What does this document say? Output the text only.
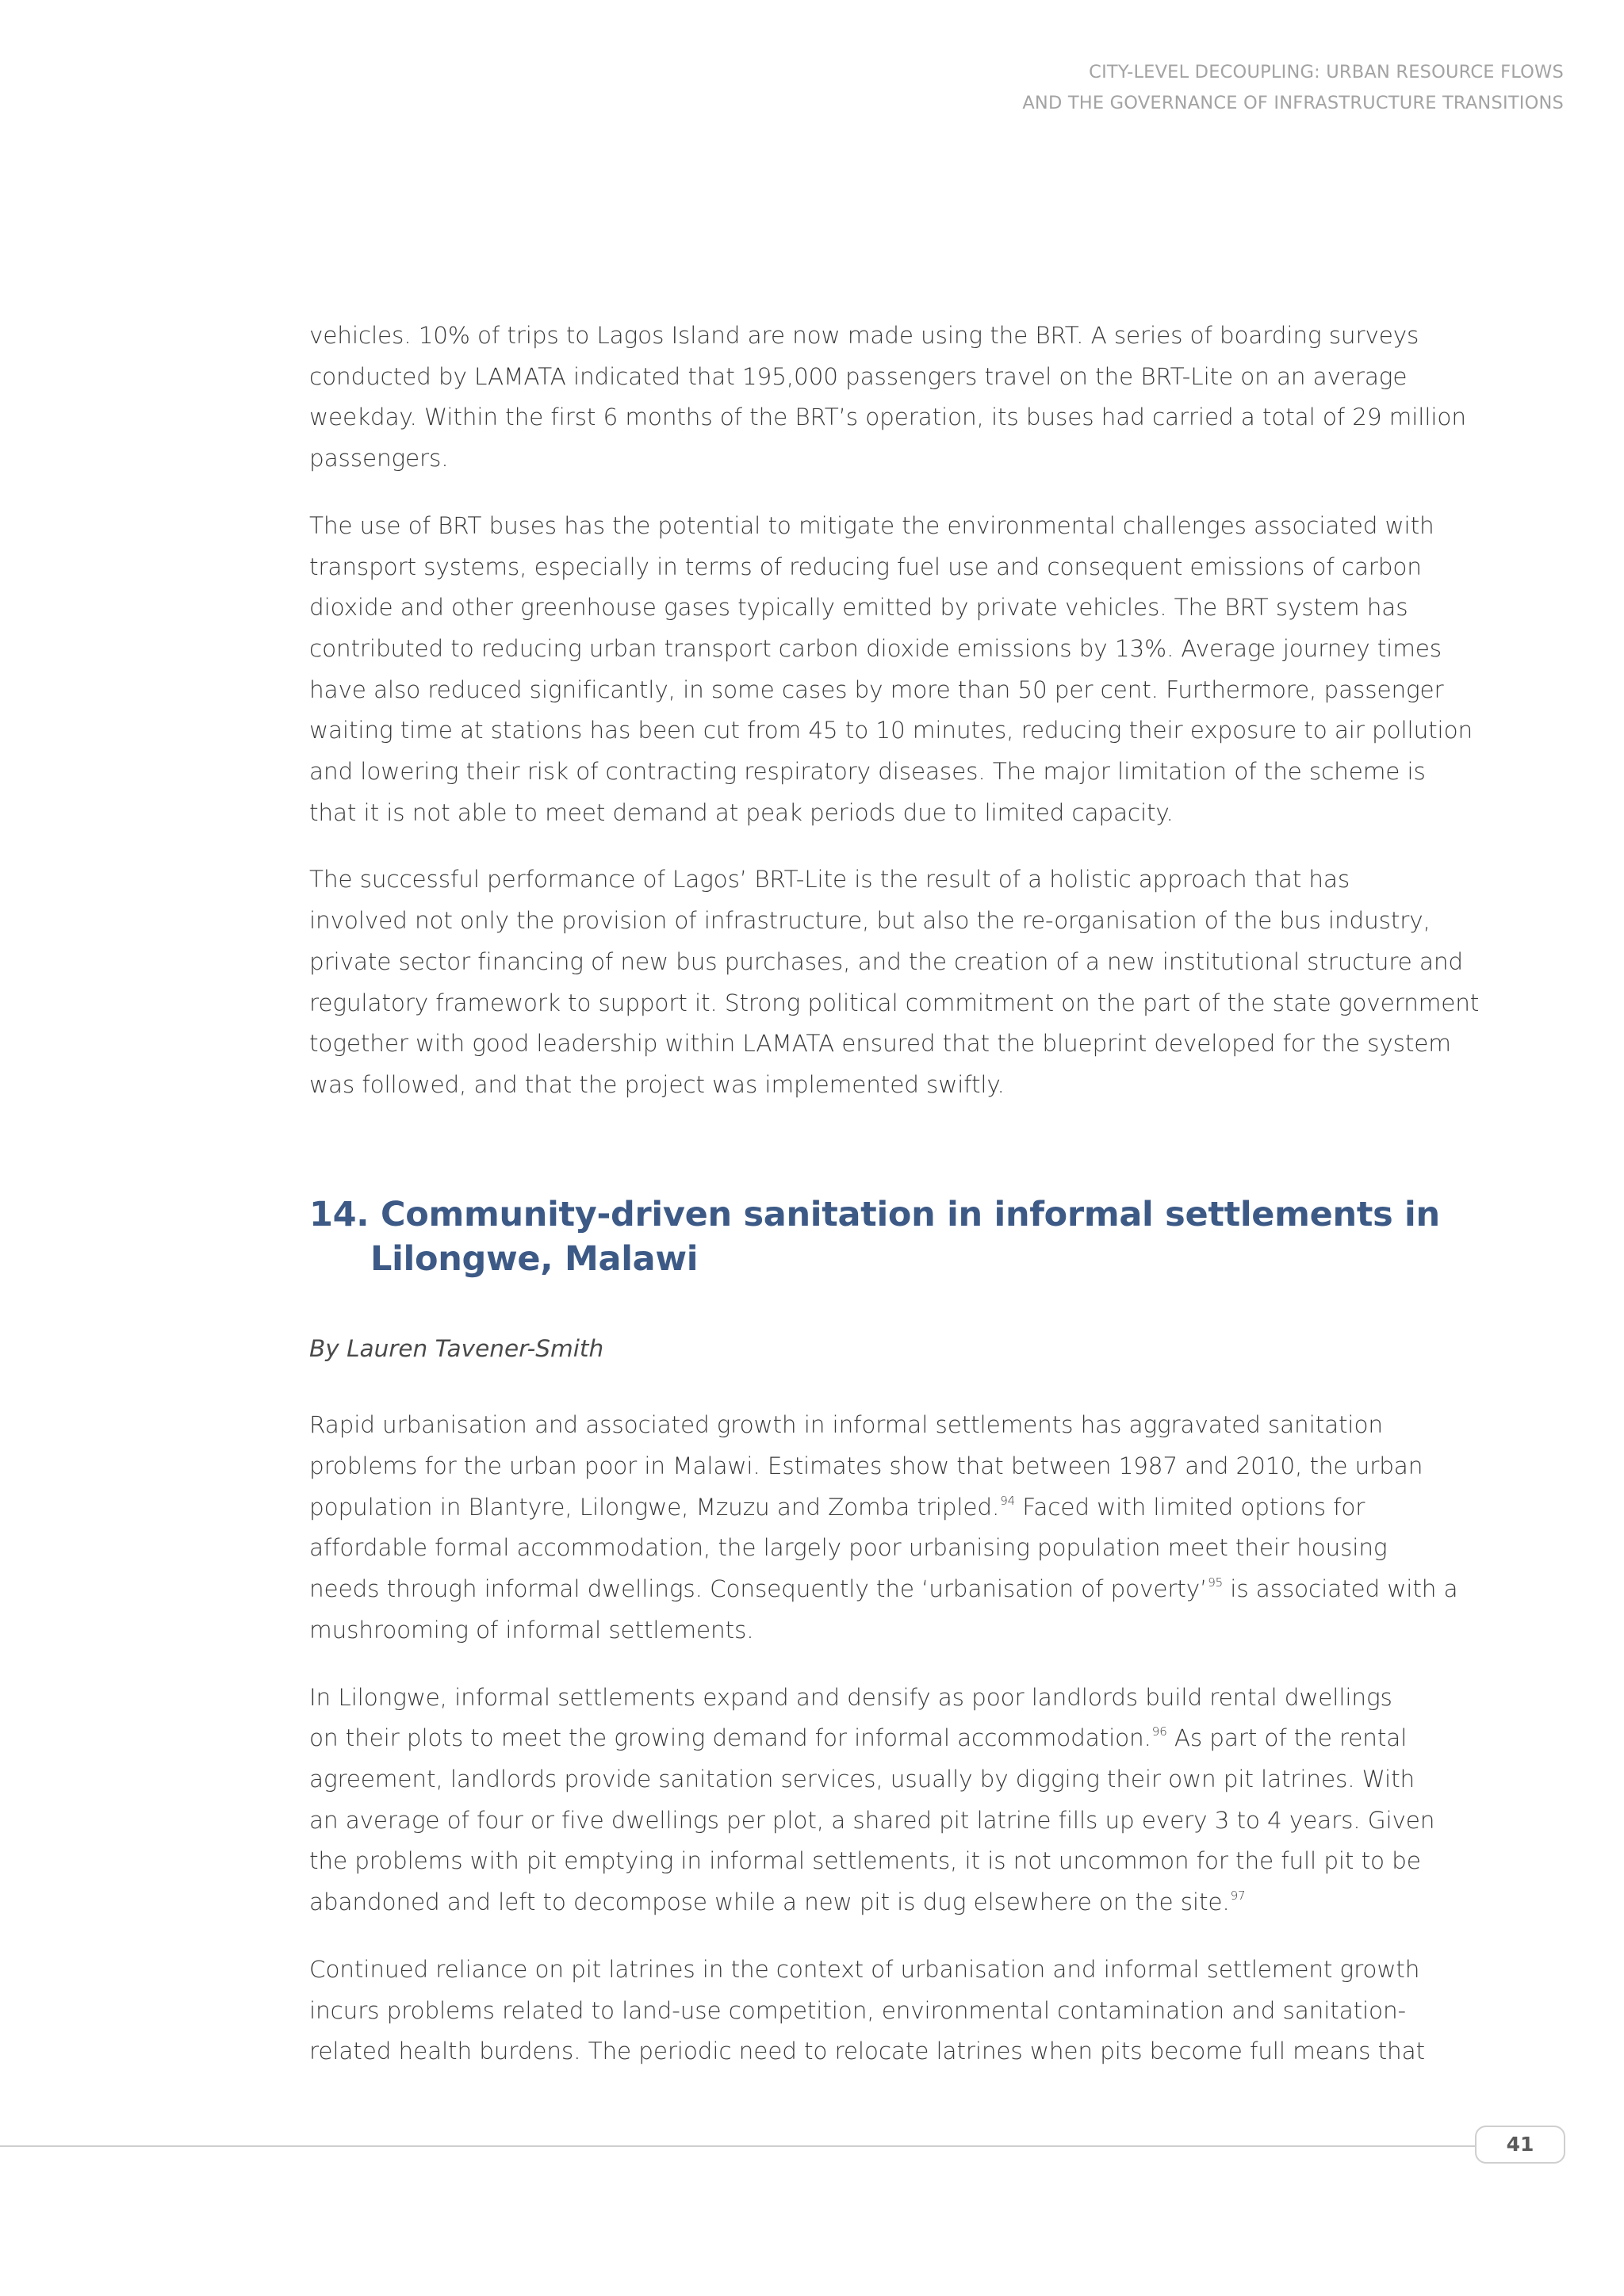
CITY-LEVEL DECOUPLING: URBAN RESOURCE FLOWS
AND THE GOVERNANCE OF INFRASTRUCTURE TRANSITIONS

vehicles. 10% of trips to Lagos Island are now made using the BRT. A series of boarding surveys
conducted by LAMATA indicated that 195,000 passengers travel on the BRT-Lite on an average
weekday. Within the first 6 months of the BRT’s operation, its buses had carried a total of 29 million
passengers.

The use of BRT buses has the potential to mitigate the environmental challenges associated with
transport systems, especially in terms of reducing fuel use and consequent emissions of carbon
dioxide and other greenhouse gases typically emitted by private vehicles. The BRT system has
contributed to reducing urban transport carbon dioxide emissions by 13%. Average journey times
have also reduced significantly, in some cases by more than 50 per cent. Furthermore, passenger
waiting time at stations has been cut from 45 to 10 minutes, reducing their exposure to air pollution
and lowering their risk of contracting respiratory diseases. The major limitation of the scheme is
that it is not able to meet demand at peak periods due to limited capacity.

The successful performance of Lagos’ BRT-Lite is the result of a holistic approach that has
involved not only the provision of infrastructure, but also the re-organisation of the bus industry,
private sector financing of new bus purchases, and the creation of a new institutional structure and
regulatory framework to support it. Strong political commitment on the part of the state government
together with good leadership within LAMATA ensured that the blueprint developed for the system
was followed, and that the project was implemented swiftly.

14. Community-driven sanitation in informal settlements in
Lilongwe, Malawi

By Lauren Tavener-Smith

Rapid urbanisation and associated growth in informal settlements has aggravated sanitation
problems for the urban poor in Malawi. Estimates show that between 1987 and 2010, the urban
population in Blantyre, Lilongwe, Mzuzu and Zomba tripled.$^{94}$ Faced with limited options for
affordable formal accommodation, the largely poor urbanising population meet their housing
needs through informal dwellings. Consequently the ‘urbanisation of poverty’$^{95}$ is associated with a
mushrooming of informal settlements.

In Lilongwe, informal settlements expand and densify as poor landlords build rental dwellings
on their plots to meet the growing demand for informal accommodation.$^{96}$ As part of the rental
agreement, landlords provide sanitation services, usually by digging their own pit latrines. With
an average of four or five dwellings per plot, a shared pit latrine fills up every 3 to 4 years. Given
the problems with pit emptying in informal settlements, it is not uncommon for the full pit to be
abandoned and left to decompose while a new pit is dug elsewhere on the site.$^{97}$

Continued reliance on pit latrines in the context of urbanisation and informal settlement growth
incurs problems related to land-use competition, environmental contamination and sanitation-
related health burdens. The periodic need to relocate latrines when pits become full means that

41
